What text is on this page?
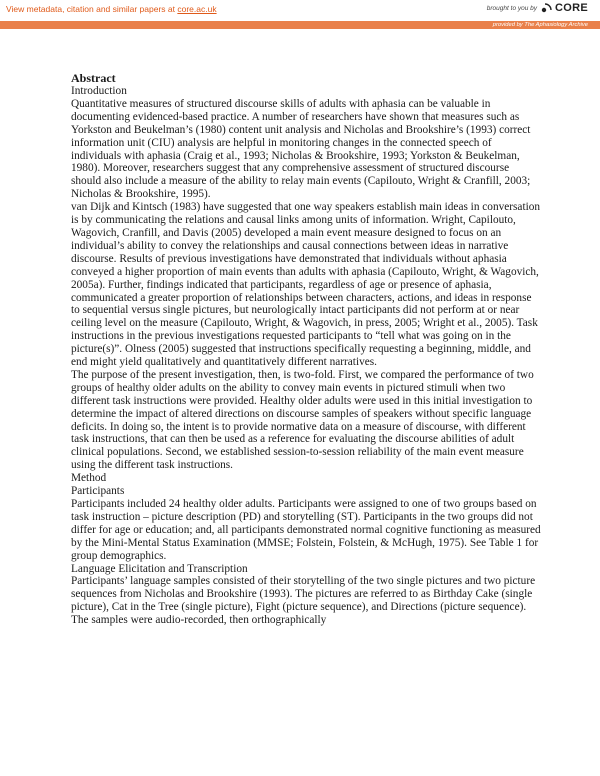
View metadata, citation and similar papers at core.ac.uk	brought to you by CORE
provided by The Aphasiology Archive

Abstract

Introduction

Quantitative measures of structured discourse skills of adults with aphasia can be valuable in documenting evidenced-based practice. A number of researchers have shown that measures such as Yorkston and Beukelman’s (1980) content unit analysis and Nicholas and Brookshire’s (1993) correct information unit (CIU) analysis are helpful in monitoring changes in the connected speech of individuals with aphasia (Craig et al., 1993; Nicholas & Brookshire, 1993; Yorkston & Beukelman, 1980). Moreover, researchers suggest that any comprehensive assessment of structured discourse should also include a measure of the ability to relay main events (Capilouto, Wright & Cranfill, 2003; Nicholas & Brookshire, 1995).

van Dijk and Kintsch (1983) have suggested that one way speakers establish main ideas in conversation is by communicating the relations and causal links among units of information. Wright, Capilouto, Wagovich, Cranfill, and Davis (2005) developed a main event measure designed to focus on an individual’s ability to convey the relationships and causal connections between ideas in narrative discourse. Results of previous investigations have demonstrated that individuals without aphasia conveyed a higher proportion of main events than adults with aphasia (Capilouto, Wright, & Wagovich, 2005a). Further, findings indicated that participants, regardless of age or presence of aphasia, communicated a greater proportion of relationships between characters, actions, and ideas in response to sequential versus single pictures, but neurologically intact participants did not perform at or near ceiling level on the measure (Capilouto, Wright, & Wagovich, in press, 2005; Wright et al., 2005). Task instructions in the previous investigations requested participants to “tell what was going on in the picture(s)”. Olness (2005) suggested that instructions specifically requesting a beginning, middle, and end might yield qualitatively and quantitatively different narratives.

The purpose of the present investigation, then, is two-fold. First, we compared the performance of two groups of healthy older adults on the ability to convey main events in pictured stimuli when two different task instructions were provided. Healthy older adults were used in this initial investigation to determine the impact of altered directions on discourse samples of speakers without specific language deficits. In doing so, the intent is to provide normative data on a measure of discourse, with different task instructions, that can then be used as a reference for evaluating the discourse abilities of adult clinical populations. Second, we established session-to-session reliability of the main event measure using the different task instructions.

Method

Participants

Participants included 24 healthy older adults. Participants were assigned to one of two groups based on task instruction – picture description (PD) and storytelling (ST). Participants in the two groups did not differ for age or education; and, all participants demonstrated normal cognitive functioning as measured by the Mini-Mental Status Examination (MMSE; Folstein, Folstein, & McHugh, 1975). See Table 1 for group demographics.

Language Elicitation and Transcription

Participants’ language samples consisted of their storytelling of the two single pictures and two picture sequences from Nicholas and Brookshire (1993). The pictures are referred to as Birthday Cake (single picture), Cat in the Tree (single picture), Fight (picture sequence), and Directions (picture sequence). The samples were audio-recorded, then orthographically
